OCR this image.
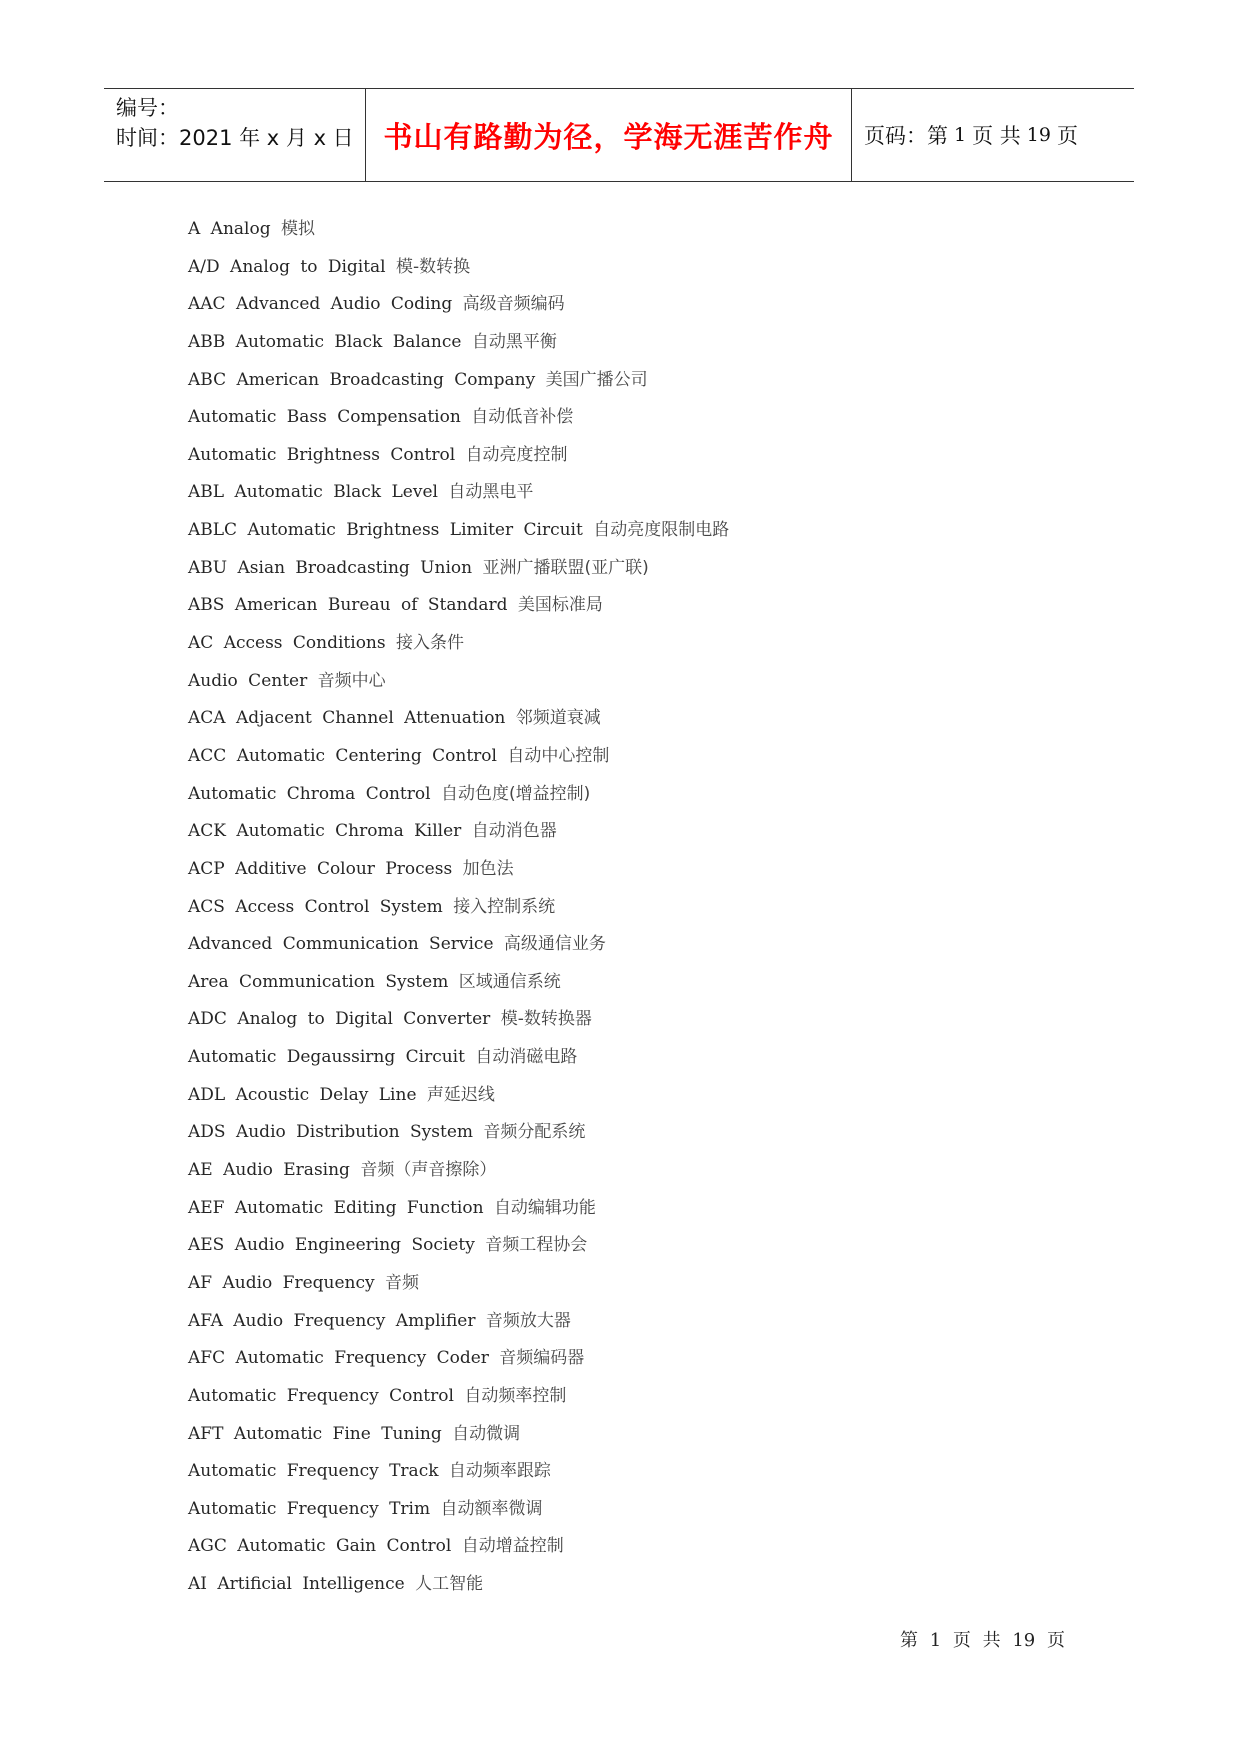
编号：
时间：2021 年 x 月 x 日	书山有路勤为径，学海无涯苦作舟 页码：第 1 页 共 19 页
A Analog 模拟
A/D Analog to Digital 模-数转换
AAC Advanced Audio Coding 高级音频编码
ABB Automatic Black Balance 自动黑平衡
ABC American Broadcasting Company 美国广播公司
Automatic Bass Compensation 自动低音补偿
Automatic Brightness Control 自动亮度控制
ABL Automatic Black Level 自动黑电平
ABLC Automatic Brightness Limiter Circuit 自动亮度限制电路
ABU Asian Broadcasting Union 亚洲广播联盟(亚广联)
ABS American Bureau of Standard 美国标准局
AC Access Conditions 接入条件
Audio Center 音频中心
ACA Adjacent Channel Attenuation 邻频道衰减
ACC Automatic Centering Control 自动中心控制
Automatic Chroma Control 自动色度(增益控制)
ACK Automatic Chroma Killer 自动消色器
ACP Additive Colour Process 加色法
ACS Access Control System 接入控制系统
Advanced Communication Service 高级通信业务
Area Communication System 区域通信系统
ADC Analog to Digital Converter 模-数转换器
Automatic Degaussirng Circuit 自动消磁电路
ADL Acoustic Delay Line 声延迟线
ADS Audio Distribution System 音频分配系统
AE Audio Erasing 音频（声音擦除）
AEF Automatic Editing Function 自动编辑功能
AES Audio Engineering Society 音频工程协会
AF Audio Frequency 音频
AFA Audio Frequency Amplifier 音频放大器
AFC Automatic Frequency Coder 音频编码器
Automatic Frequency Control 自动频率控制
AFT Automatic Fine Tuning 自动微调
Automatic Frequency Track 自动频率跟踪
Automatic Frequency Trim 自动额率微调
AGC Automatic Gain Control 自动增益控制
AI Artificial Intelligence 人工智能
第 1 页 共 19 页
